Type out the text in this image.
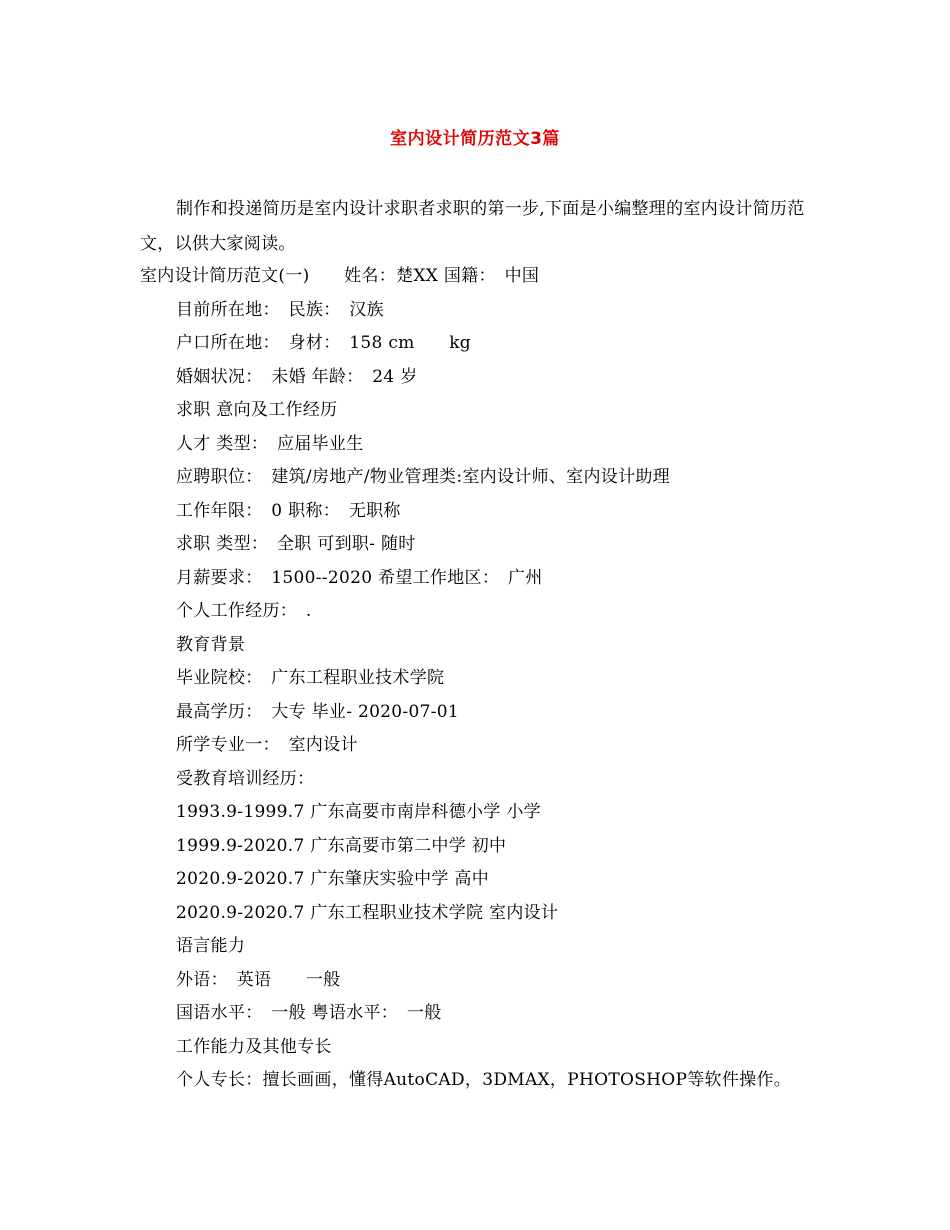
室内设计简历范文3篇
制作和投递简历是室内设计求职者求职的第一步,下面是小编整理的室内设计简历范文，以供大家阅读。
室内设计简历范文(一)　　姓名：楚XX 国籍：　中国
目前所在地：　民族：　汉族
户口所在地：　身材：　158 cm　　kg
婚姻状况：　未婚 年龄：　24 岁
求职 意向及工作经历
人才 类型：　应届毕业生
应聘职位：　建筑/房地产/物业管理类:室内设计师、室内设计助理
工作年限：　0 职称：　无职称
求职 类型：　全职 可到职- 随时
月薪要求：　1500--2020 希望工作地区：　广州
个人工作经历：　.
教育背景
毕业院校：　广东工程职业技术学院
最高学历：　大专 毕业- 2020-07-01
所学专业一：　室内设计
受教育培训经历：
1993.9-1999.7 广东高要市南岸科德小学 小学
1999.9-2020.7 广东高要市第二中学 初中
2020.9-2020.7 广东肇庆实验中学 高中
2020.9-2020.7 广东工程职业技术学院 室内设计
语言能力
外语：　英语　　一般
国语水平：　一般 粤语水平：　一般
工作能力及其他专长
个人专长：擅长画画，懂得AutoCAD，3DMAX，PHOTOSHOP等软件操作。
